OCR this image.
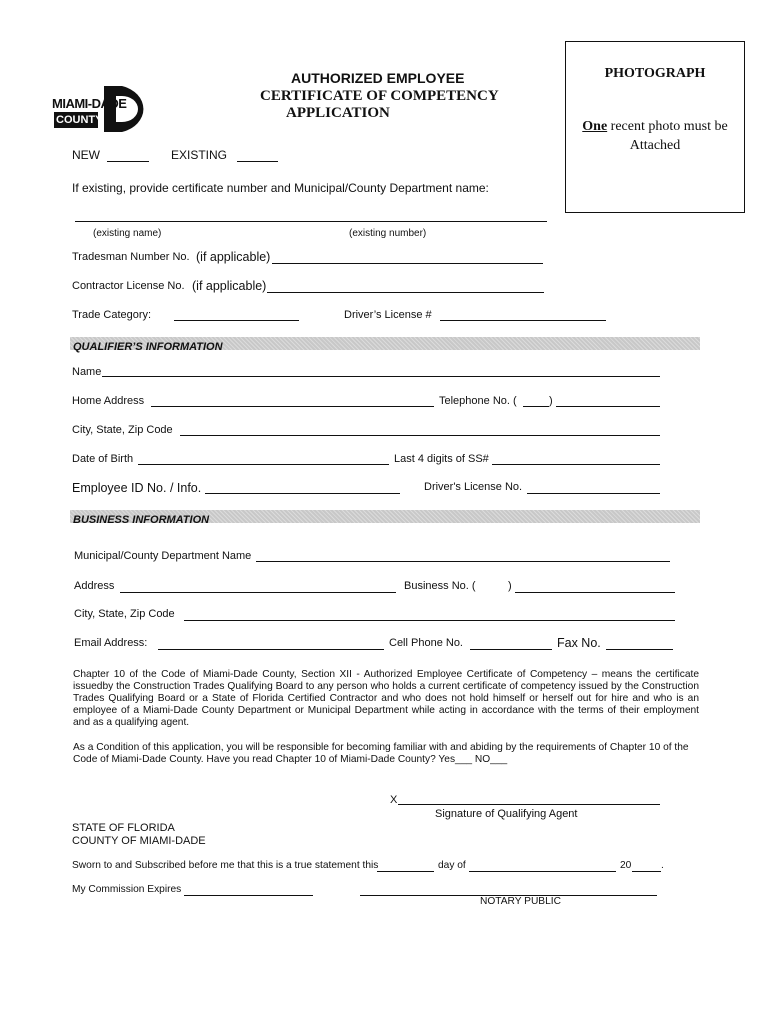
MIAMI-DADE
COUNTY
AUTHORIZED EMPLOYEE
CERTIFICATE OF COMPETENCY
APPLICATION
PHOTOGRAPH
One recent photo must be
Attached
NEW	EXISTING
If existing, provide certificate number and Municipal/County Department name:
(existing name)	(existing number)
Tradesman Number No. (if applicable)
Contractor License No. (if applicable)
Trade Category:	Driver’s License #
QUALIFIER’S INFORMATION
Name
Home Address	Telephone No. (	)
City, State, Zip Code
Date of Birth	Last 4 digits of SS#
Employee ID No. / Info.	Driver's License No.
BUSINESS INFORMATION
Municipal/County Department Name
Address	Business No. (	)
City, State, Zip Code
Email Address:	Cell Phone No.	Fax No.
Chapter 10 of the Code of Miami-Dade County, Section XII - Authorized Employee Certificate of Competency – means the certificate issuedby the Construction Trades Qualifying Board to any person who holds a current certificate of competency issued by the Construction Trades Qualifying Board or a State of Florida Certified Contractor and who does not hold himself or herself out for hire and who is an employee of a Miami-Dade County Department or Municipal Department while acting in accordance with the terms of their employment and as a qualifying agent.
As a Condition of this application, you will be responsible for becoming familiar with and abiding by the requirements of Chapter 10 of the
Code of Miami-Dade County. Have you read Chapter 10 of Miami-Dade County? Yes___ NO___
X
Signature of Qualifying Agent
STATE OF FLORIDA
COUNTY OF MIAMI-DADE
Sworn to and Subscribed before me that this is a true statement this	day of	20	.
My Commission Expires
NOTARY PUBLIC
